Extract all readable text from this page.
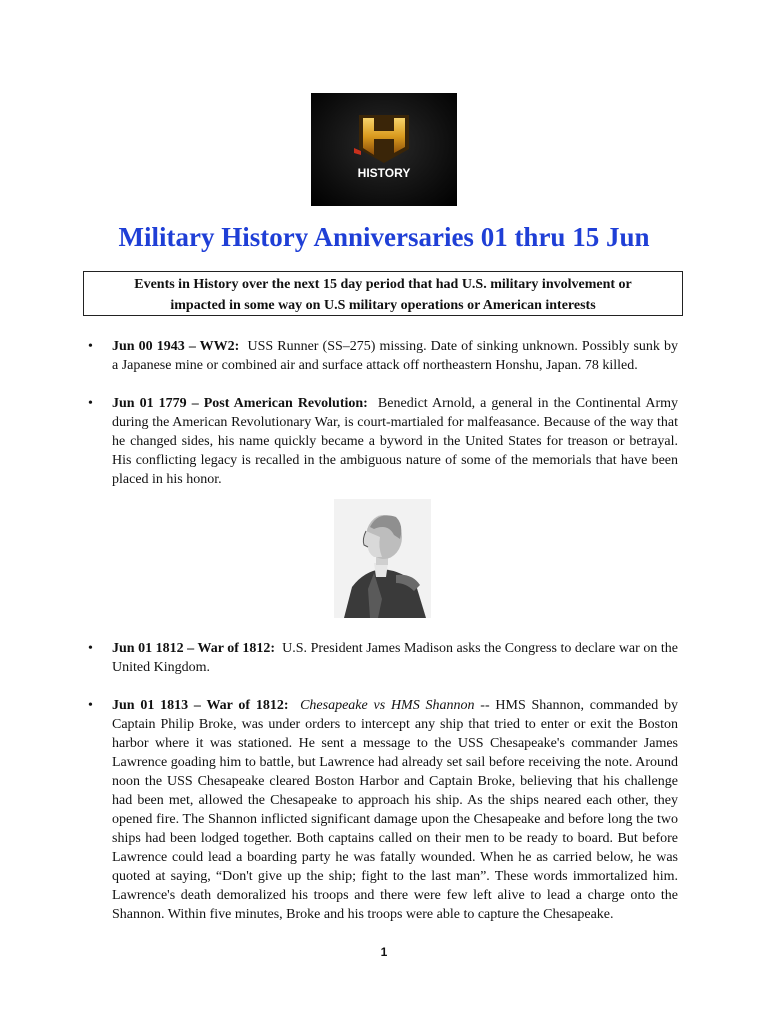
HISTORY
Military History Anniversaries 01 thru 15 Jun
Events in History over the next 15 day period that had U.S. military involvement or
impacted in some way on U.S military operations or American interests
• Jun 00 1943 – WW2: USS Runner (SS–275) missing. Date of sinking unknown. Possibly sunk by a Japanese mine or combined air and surface attack off northeastern Honshu, Japan. 78 killed.
• Jun 01 1779 – Post American Revolution: Benedict Arnold, a general in the Continental Army during the American Revolutionary War, is court-martialed for malfeasance. Because of the way that he changed sides, his name quickly became a byword in the United States for treason or betrayal. His conflicting legacy is recalled in the ambiguous nature of some of the memorials that have been placed in his honor.
• Jun 01 1812 – War of 1812: U.S. President James Madison asks the Congress to declare war on the United Kingdom.
• Jun 01 1813 – War of 1812: Chesapeake vs HMS Shannon -- HMS Shannon, commanded by Captain Philip Broke, was under orders to intercept any ship that tried to enter or exit the Boston harbor where it was stationed. He sent a message to the USS Chesapeake's commander James Lawrence goading him to battle, but Lawrence had already set sail before receiving the note. Around noon the USS Chesapeake cleared Boston Harbor and Captain Broke, believing that his challenge had been met, allowed the Chesapeake to approach his ship. As the ships neared each other, they opened fire. The Shannon inflicted significant damage upon the Chesapeake and before long the two ships had been lodged together. Both captains called on their men to be ready to board. But before Lawrence could lead a boarding party he was fatally wounded. When he as carried below, he was quoted at saying, “Don't give up the ship; fight to the last man”. These words immortalized him. Lawrence's death demoralized his troops and there were few left alive to lead a charge onto the Shannon. Within five minutes, Broke and his troops were able to capture the Chesapeake.
1
